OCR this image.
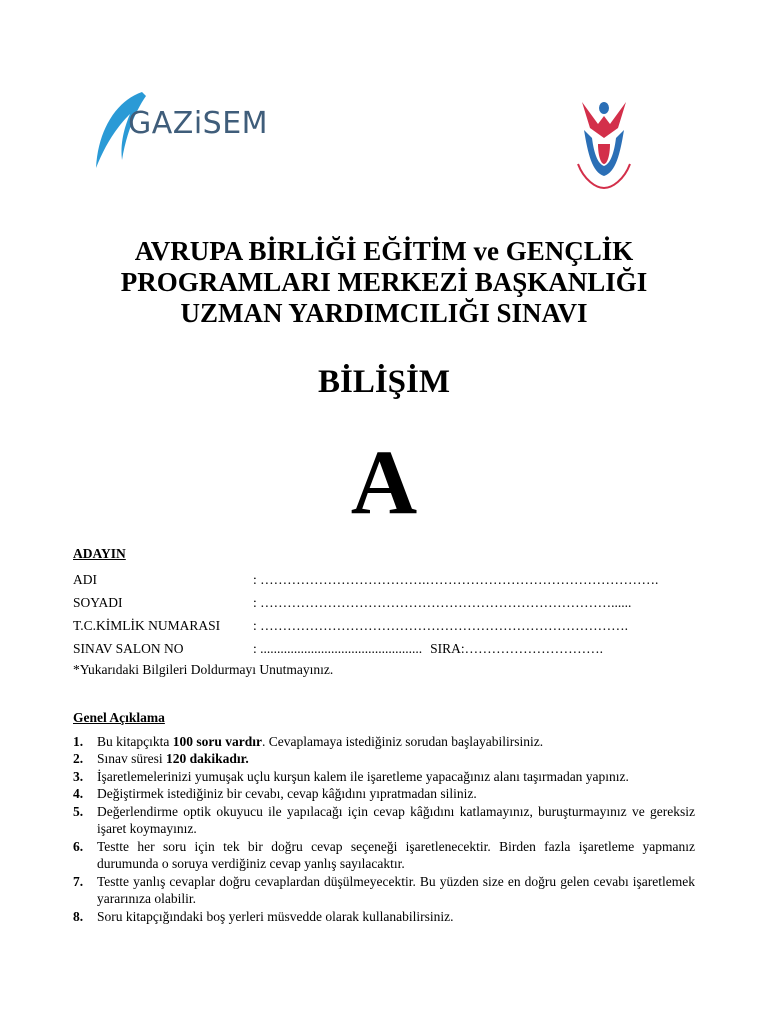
GAZiSEM
AVRUPA BİRLİĞİ EĞİTİM ve GENÇLİK
PROGRAMLARI MERKEZİ BAŞKANLIĞI
UZMAN YARDIMCILIĞI SINAVI
BİLİŞİM
A
ADAYIN
ADI	: ……………………………….…………………………………………….
SOYADI	: ……………………………………………………………………......
T.C.KİMLİK NUMARASI	: ……………………………………………………………………….
SINAV SALON NO	: ................................................ SIRA: ………………………….
*Yukarıdaki Bilgileri Doldurmayı Unutmayınız.
Genel Açıklama
1.	Bu kitapçıkta 100 soru vardır. Cevaplamaya istediğiniz sorudan başlayabilirsiniz.
2.	Sınav süresi 120 dakikadır.
3.	İşaretlemelerinizi yumuşak uçlu kurşun kalem ile işaretleme yapacağınız alanı taşırmadan yapınız.
4.	Değiştirmek istediğiniz bir cevabı, cevap kâğıdını yıpratmadan siliniz.
5.	Değerlendirme optik okuyucu ile yapılacağı için cevap kâğıdını katlamayınız, buruşturmayınız ve gereksiz işaret koymayınız.
6.	Testte her soru için tek bir doğru cevap seçeneği işaretlenecektir. Birden fazla işaretleme yapmanız durumunda o soruya verdiğiniz cevap yanlış sayılacaktır.
7.	Testte yanlış cevaplar doğru cevaplardan düşülmeyecektir. Bu yüzden size en doğru gelen cevabı işaretlemek yararınıza olabilir.
8.	Soru kitapçığındaki boş yerleri müsvedde olarak kullanabilirsiniz.
